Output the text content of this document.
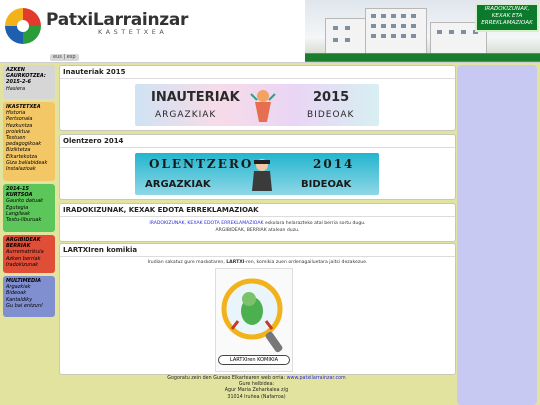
PatxiLarrainzar
KASTETXEA
IRADOKIZUNAK,
KEXAK ETA
ERREKLAMAZIOAK
eus | esp
AZKEN GAURKOTZEA: 2015-2-6
Hasiera
IKASTETXEA
Historia
Pertsonala
Hezkuntza proiektua
Testuen pedagogikoak
Biziktetza
Elkartekotza
Giza baliabideak
Instalazioak
2014-15 KURTSOA
Gaurko datuak
Egutegia
Langileak
Testu-liburuak
ARGIBIDEAK BERRIAK
Aurrematrikula
Azken berriak
Iradokizunak
MULTIMEDIA
Argazkiak
Bideoak
Kantaldiky
Gu bai entzun!
Inauteriak 2015
INAUTERIAK	2015
ARGAZKIAK	BIDEOAK
Olentzero 2014
OLENTZERO	2014
ARGAZKIAK	BIDEOAK
IRADOKIZUNAK, KEXAK EDOTA ERREKLAMAZIOAK
IRADOKIZUNAK, KEXAK EDOTA ERREKLAMAZIOAK eskolara helarazteko atal berria sortu dugu.
ARGIBIDEAK, BERRIAK atalean duzu.
LARTXIren komikia
Irudian sakatuz gure maskotaren, LARTXI-ren, komikia zuen ordenagailuetara jaitsi dezakezue.
LARTXIren KOMIKIA
Gogoratu zein den Guraso Elkartearen web orria: www.patxilarrainzar.com
Gure helbidea:
Agur Maria Zeharkalea z/g
31014 Iruñea (Nafarroa)
